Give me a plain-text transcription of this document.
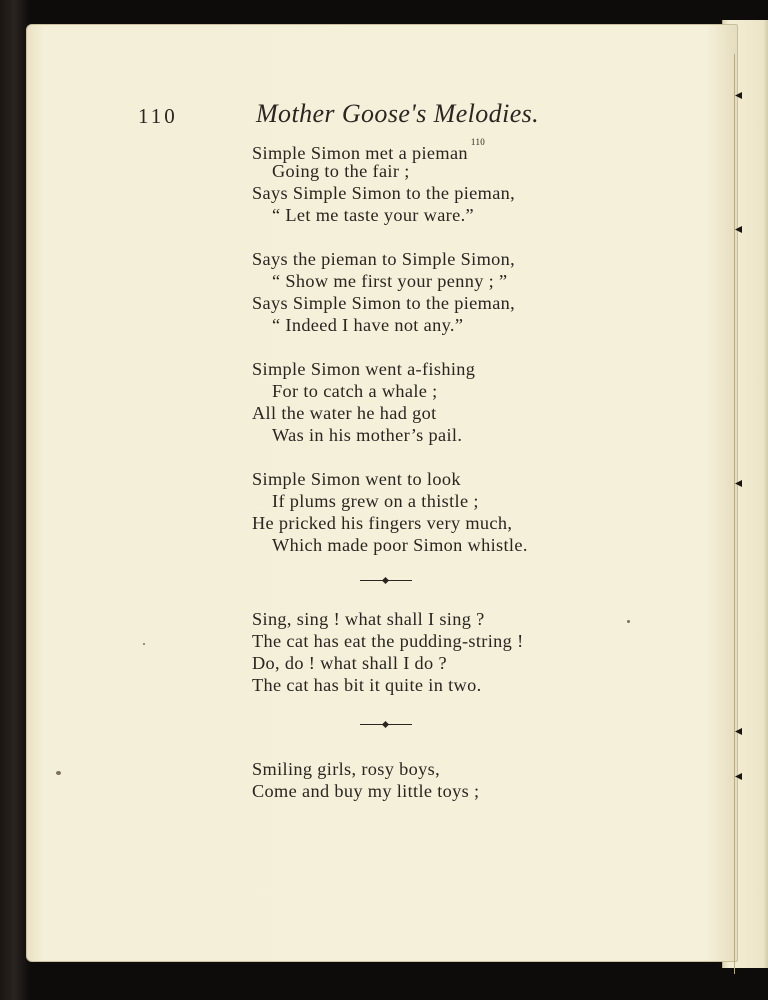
110	Mother Goose's Melodies.
Simple Simon met a pieman$^{110}$
Going to the fair ;
Says Simple Simon to the pieman,
“ Let me taste your ware.”
Says the pieman to Simple Simon,
“ Show me first your penny ; ”
Says Simple Simon to the pieman,
“ Indeed I have not any.”
Simple Simon went a-fishing
For to catch a whale ;
All the water he had got
Was in his mother’s pail.
Simple Simon went to look
If plums grew on a thistle ;
He pricked his fingers very much,
Which made poor Simon whistle.
Sing, sing ! what shall I sing ?
The cat has eat the pudding-string !
Do, do ! what shall I do ?
The cat has bit it quite in two.
Smiling girls, rosy boys,
Come and buy my little toys ;
